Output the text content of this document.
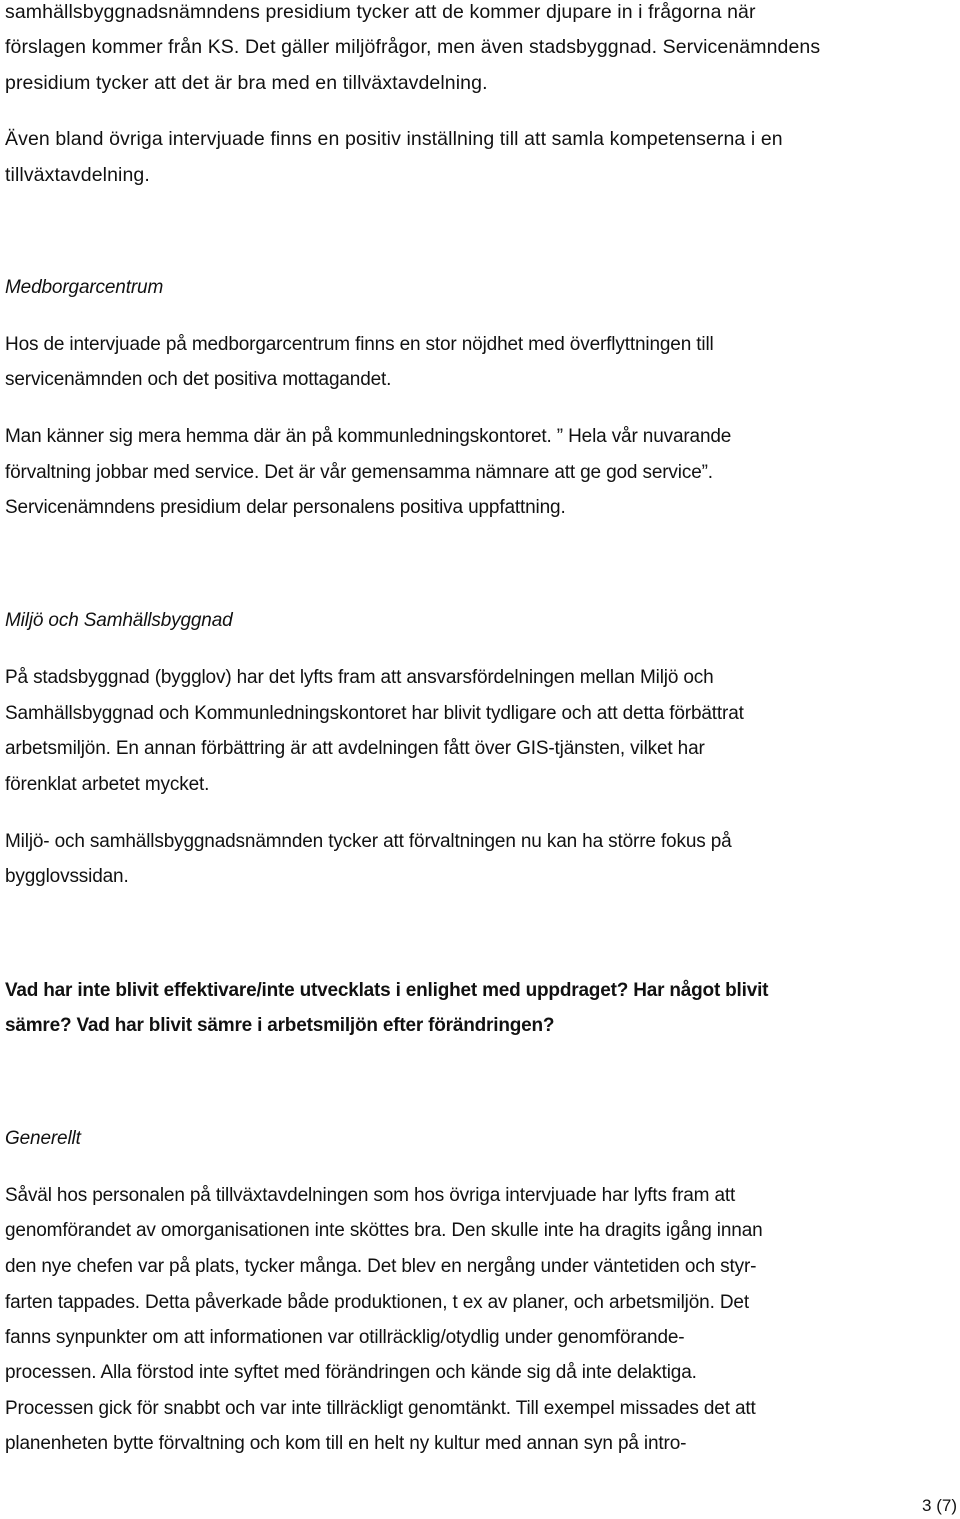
samhällsbyggnadsnämndens presidium tycker att de kommer djupare in i frågorna när

förslagen kommer från KS. Det gäller miljöfrågor, men även stadsbyggnad. Servicenämndens

presidium tycker att det är bra med en tillväxtavdelning.

Även bland övriga intervjuade finns en positiv inställning till att samla kompetenserna i en

tillväxtavdelning.

Medborgarcentrum

Hos de intervjuade på medborgarcentrum finns en stor nöjdhet med överflyttningen till

servicenämnden och det positiva mottagandet.

Man känner sig mera hemma där än på kommunledningskontoret. ” Hela vår nuvarande

förvaltning jobbar med service. Det är vår gemensamma nämnare att ge god service”.

Servicenämndens presidium delar personalens positiva uppfattning.

Miljö och Samhällsbyggnad

På stadsbyggnad (bygglov) har det lyfts fram att ansvarsfördelningen mellan Miljö och

Samhällsbyggnad och Kommunledningskontoret har blivit tydligare och att detta förbättrat

arbetsmiljön. En annan förbättring är att avdelningen fått över GIS-tjänsten, vilket har

förenklat arbetet mycket.

Miljö- och samhällsbyggnadsnämnden tycker att förvaltningen nu kan ha större fokus på

bygglovssidan.

Vad har inte blivit effektivare/inte utvecklats i enlighet med uppdraget? Har något blivit

sämre? Vad har blivit sämre i arbetsmiljön efter förändringen?

Generellt

Såväl hos personalen på tillväxtavdelningen som hos övriga intervjuade har lyfts fram att

genomförandet av omorganisationen inte sköttes bra. Den skulle inte ha dragits igång innan

den nye chefen var på plats, tycker många. Det blev en nergång under väntetiden och styr-

farten tappades. Detta påverkade både produktionen, t ex av planer, och arbetsmiljön. Det

fanns synpunkter om att informationen var otillräcklig/otydlig under genomförande-

processen. Alla förstod inte syftet med förändringen och kände sig då inte delaktiga.

Processen gick för snabbt och var inte tillräckligt genomtänkt. Till exempel missades det att

planenheten bytte förvaltning och kom till en helt ny kultur med annan syn på intro-

3 (7)
